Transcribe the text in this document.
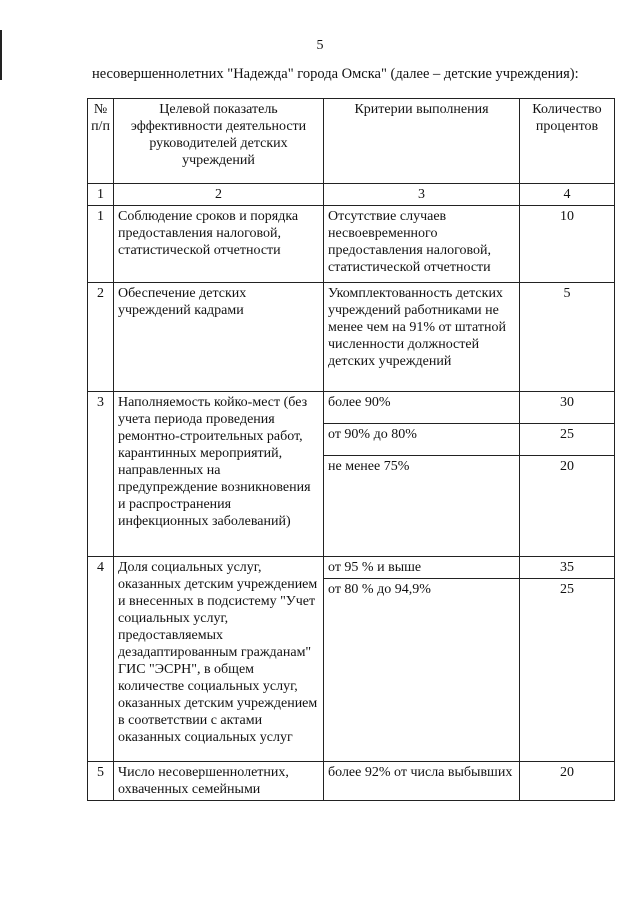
5
несовершеннолетних "Надежда" города Омска" (далее – детские учреждения):
№ п/п	Целевой показатель эффективности деятельности руководителей детских учреждений	Критерии выполнения	Количество процентов
1	2	3	4
1	Соблюдение сроков и порядка предоставления налоговой, статистической отчетности	Отсутствие случаев несвоевременного предоставления налоговой, статистической отчетности	10
2	Обеспечение детских учреждений кадрами	Укомплектованность детских учреждений работниками не менее чем на 91% от штатной численности должностей детских учреждений	5
3	Наполняемость койко-мест (без учета периода проведения ремонтно-строительных работ, карантинных мероприятий, направленных на предупреждение возникновения и распространения инфекционных заболеваний)	более 90%	30
		от 90% до 80%	25
		не менее 75%	20
4	Доля социальных услуг, оказанных детским учреждением и внесенных в подсистему "Учет социальных услуг, предоставляемых дезадаптированным гражданам" ГИС "ЭСРН", в общем количестве социальных услуг, оказанных детским учреждением в соответствии с актами оказанных социальных услуг	от 95 % и выше	35
		от 80 % до 94,9%	25
5	Число несовершеннолетних, охваченных семейными	более 92% от числа выбывших	20
